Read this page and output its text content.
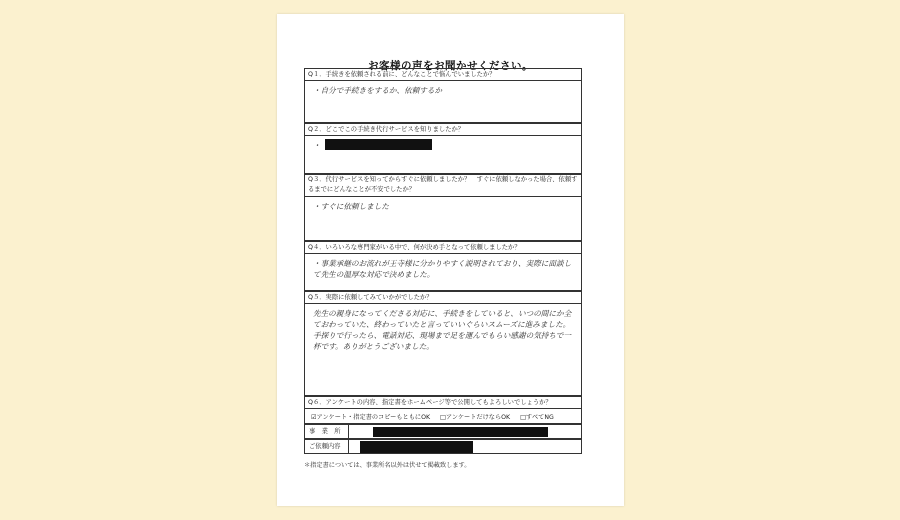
お客様の声をお聞かせください。
Q１．手続きを依頼される前に、どんなことで悩んでいましたか？
・自分で手続きをするか、依頼するか
Q２．どこでこの手続き代行サービスを知りましたか？
・
Q３．代行サービスを知ってからすぐに依頼しましたか？　すぐに依頼しなかった場合、依頼するまでにどんなことが不安でしたか？
・すぐに依頼しました
Q４．いろいろな専門家がいる中で、何が決め手となって依頼しましたか？
・事業承継のお流れが王寺様に分かりやすく説明されており、実際に面談して先生の温厚な対応で決めました。
Q５．実際に依頼してみていかがでしたか？
先生の親身になってくださる対応に、手続きをしていると、いつの間にか全ておわっていた、終わっていたと言っていいぐらいスムーズに進みました。手探りで行ったら、電話対応、現場まで足を運んでもらい感謝の気持ちで一杯です。ありがとうございました。
Q６．アンケートの内容、指定書をホームページ等で公開してもよろしいでしょうか？
☑アンケート・指定書のコピーもともにOK □アンケートだけならOK □すべてNG
事　業　所
ご依頼内容
＊指定書については、事業所名以外は伏せて掲載致します。
